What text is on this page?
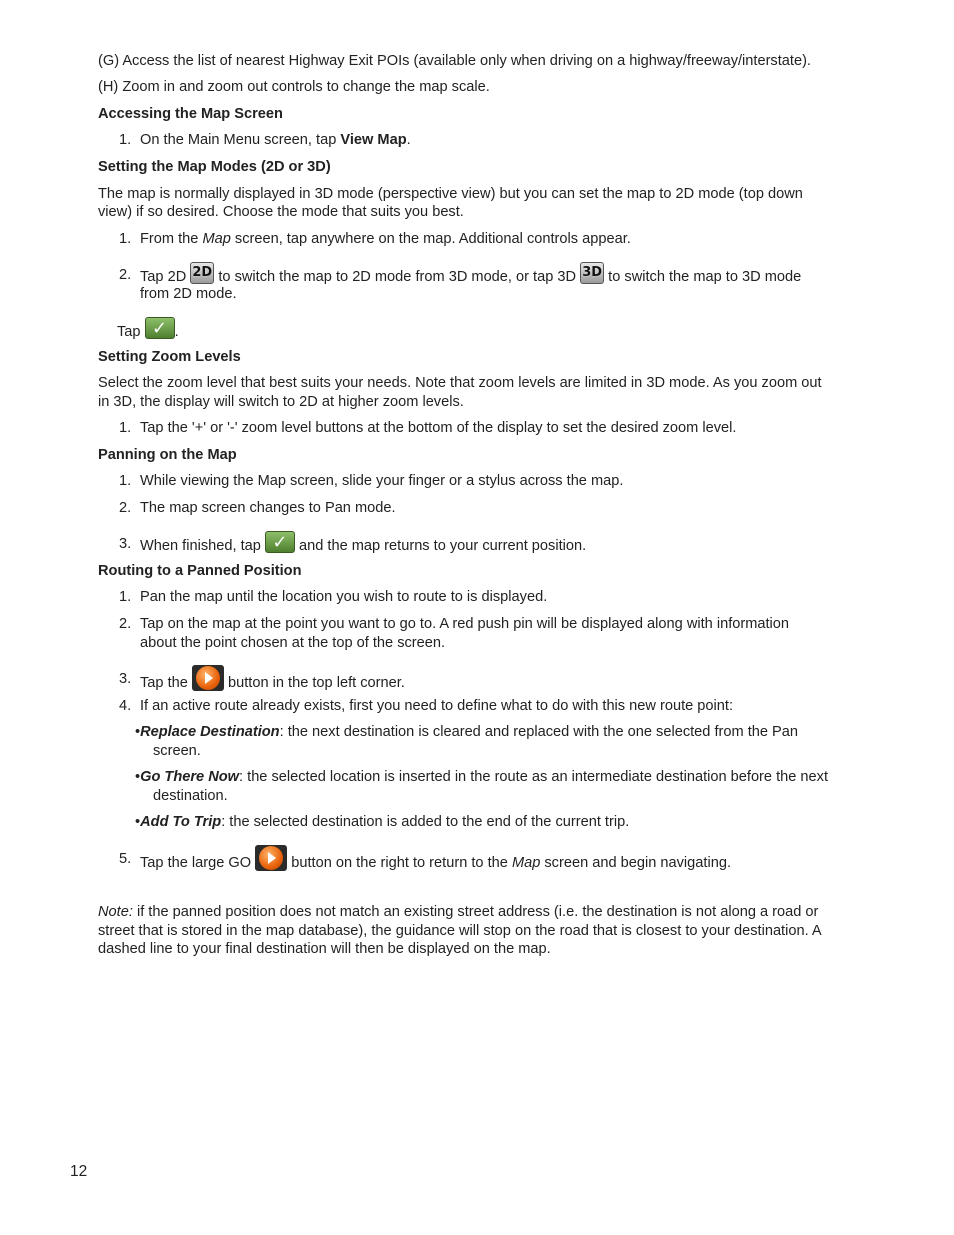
(G) Access the list of nearest Highway Exit POIs (available only when driving on a highway/freeway/interstate).
(H) Zoom in and zoom out controls to change the map scale.
Accessing the Map Screen
1. On the Main Menu screen, tap View Map.
Setting the Map Modes (2D or 3D)
The map is normally displayed in 3D mode (perspective view) but you can set the map to 2D mode (top down
view) if so desired. Choose the mode that suits you best.
1. From the Map screen, tap anywhere on the map. Additional controls appear.
2. Tap 2D 2D to switch the map to 2D mode from 3D mode, or tap 3D 3D to switch the map to 3D mode
from 2D mode.
Tap ✓ .
Setting Zoom Levels
Select the zoom level that best suits your needs. Note that zoom levels are limited in 3D mode. As you zoom out
in 3D, the display will switch to 2D at higher zoom levels.
1. Tap the '+' or '-' zoom level buttons at the bottom of the display to set the desired zoom level.
Panning on the Map
1. While viewing the Map screen, slide your finger or a stylus across the map.
2. The map screen changes to Pan mode.
3. When finished, tap ✓ and the map returns to your current position.
Routing to a Panned Position
1. Pan the map until the location you wish to route to is displayed.
2. Tap on the map at the point you want to go to. A red push pin will be displayed along with information
about the point chosen at the top of the screen.
3. Tap the
button in the top left corner.
4. If an active route already exists, first you need to define what to do with this new route point:
•Replace Destination: the next destination is cleared and replaced with the one selected from the Pan
screen.
•Go There Now: the selected location is inserted in the route as an intermediate destination before the next
destination.
•Add To Trip: the selected destination is added to the end of the current trip.
5. Tap the large GO
button on the right to return to the Map screen and begin navigating.
Note: if the panned position does not match an existing street address (i.e. the destination is not along a road or
street that is stored in the map database), the guidance will stop on the road that is closest to your destination. A
dashed line to your final destination will then be displayed on the map.
12
